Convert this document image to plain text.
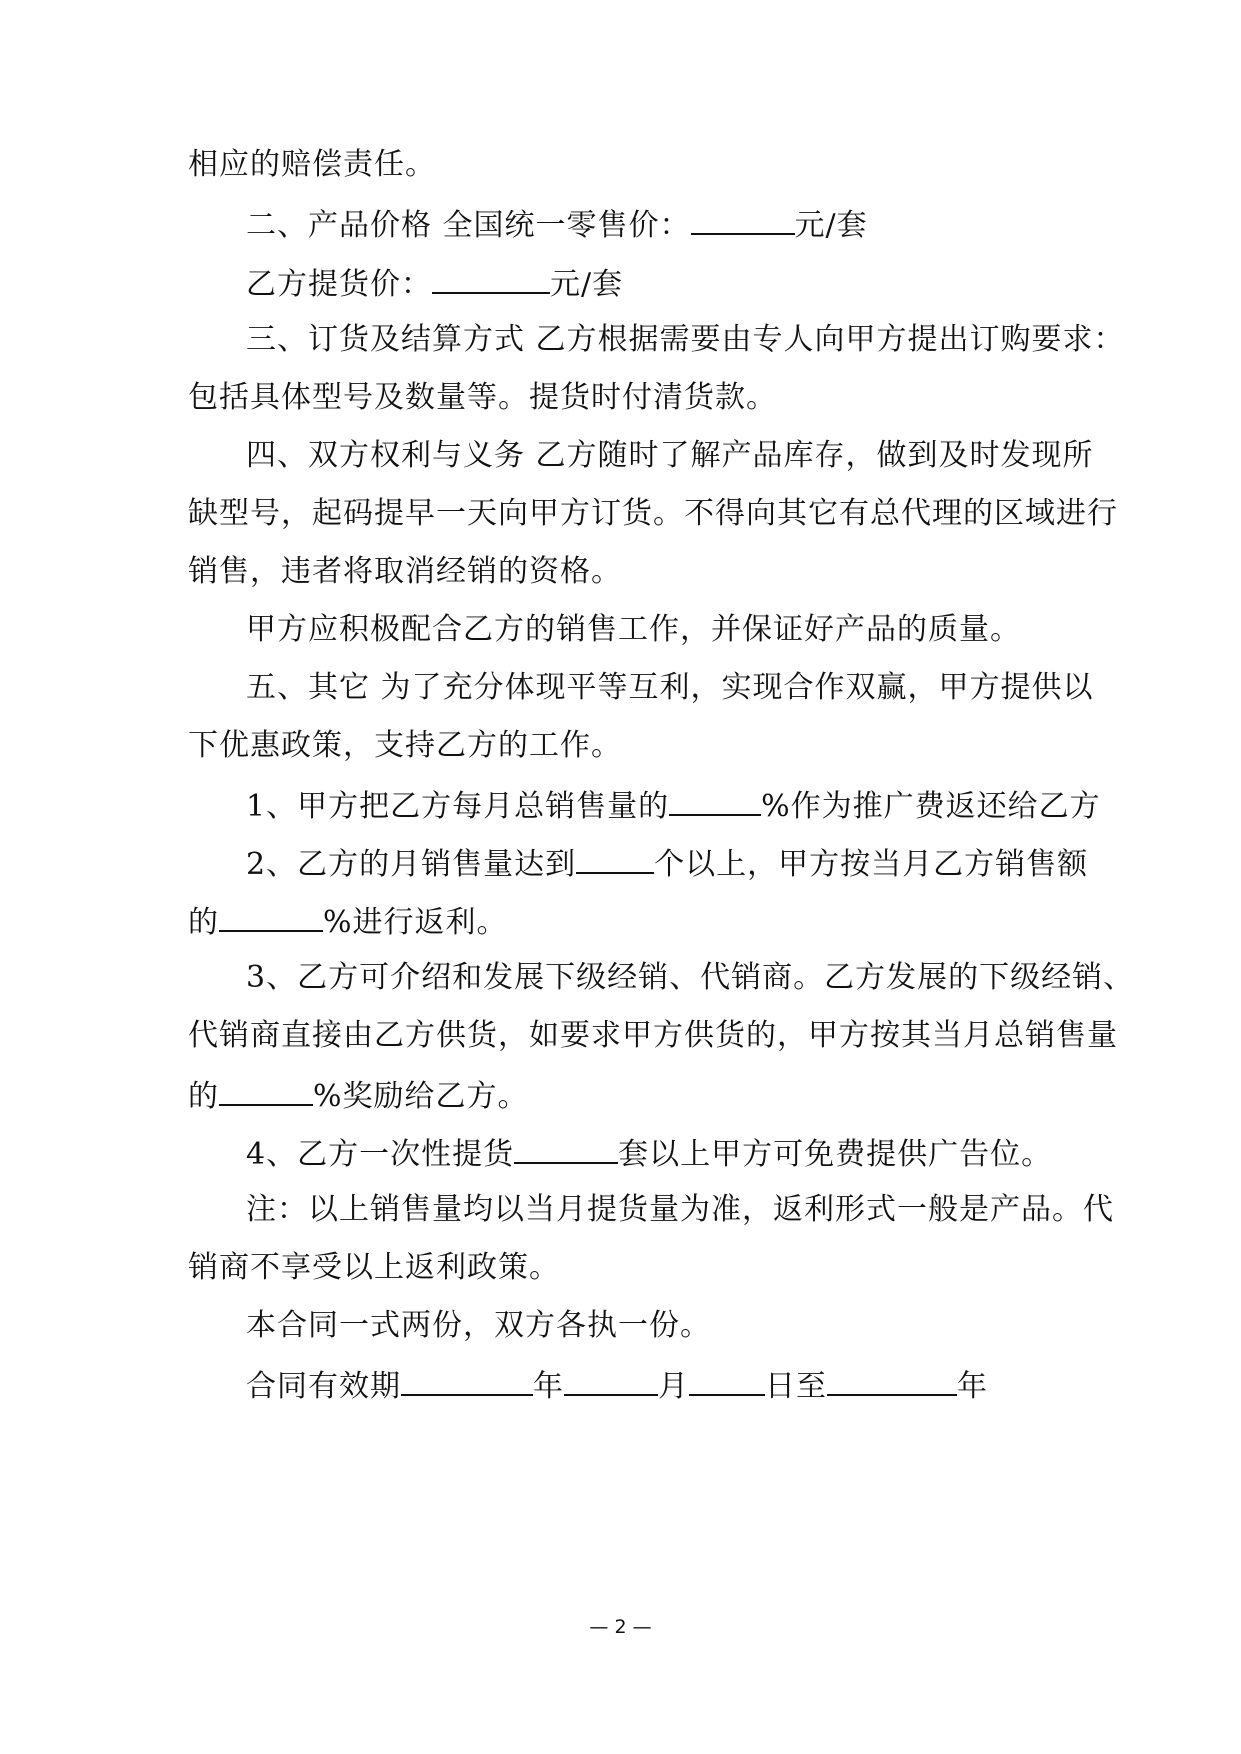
相应的赔偿责任。
二、产品价格 全国统一零售价：	元/套
乙方提货价：	元/套
三、订货及结算方式 乙方根据需要由专人向甲方提出订购要求：
包括具体型号及数量等。提货时付清货款。
四、双方权利与义务 乙方随时了解产品库存，做到及时发现所
缺型号，起码提早一天向甲方订货。不得向其它有总代理的区域进行
销售，违者将取消经销的资格。
甲方应积极配合乙方的销售工作，并保证好产品的质量。
五、其它 为了充分体现平等互利，实现合作双赢，甲方提供以
下优惠政策，支持乙方的工作。
1、甲方把乙方每月总销售量的	%作为推广费返还给乙方
2、乙方的月销售量达到	个以上，甲方按当月乙方销售额
的	%进行返利。
3、乙方可介绍和发展下级经销、代销商。乙方发展的下级经销、
代销商直接由乙方供货，如要求甲方供货的，甲方按其当月总销售量
的	%奖励给乙方。
4、乙方一次性提货	套以上甲方可免费提供广告位。
注：以上销售量均以当月提货量为准，返利形式一般是产品。代
销商不享受以上返利政策。
本合同一式两份，双方各执一份。
合同有效期	年	月	日至	年
— 2 —
